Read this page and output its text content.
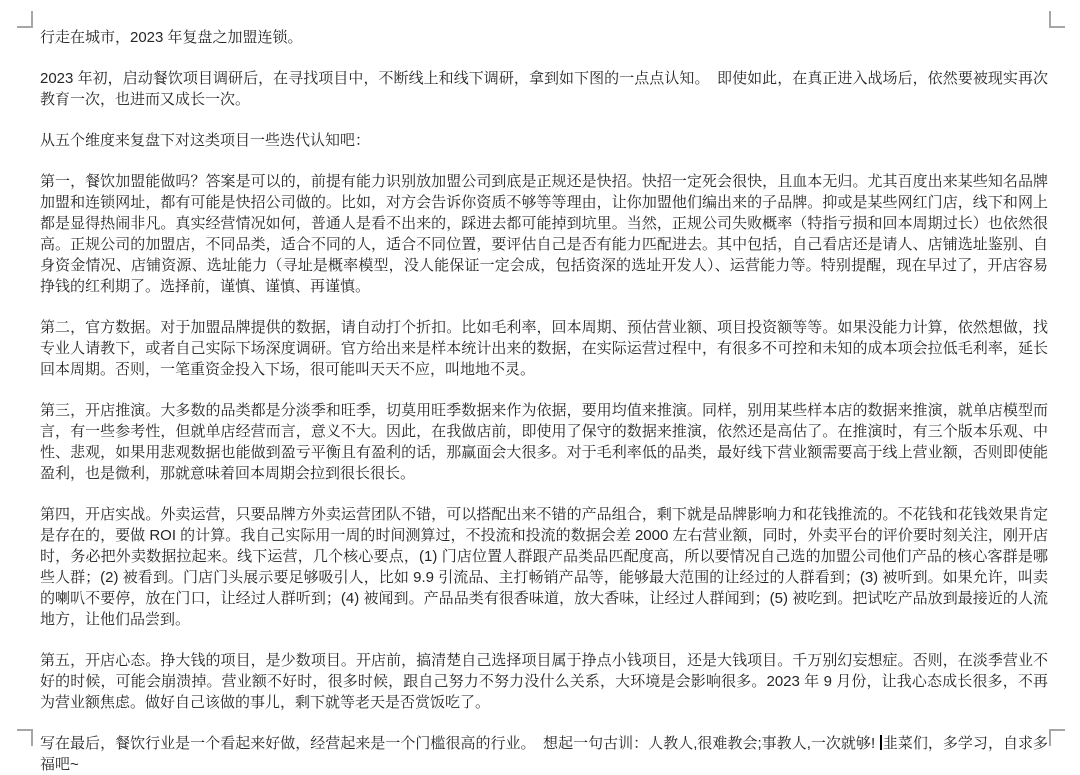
行走在城市，2023 年复盘之加盟连锁。

2023 年初，启动餐饮项目调研后，在寻找项目中，不断线上和线下调研，拿到如下图的一点点认知。　即使如此，在真正进入战场后，依然要被现实再次教育一次，也进而又成长一次。

从五个维度来复盘下对这类项目一些迭代认知吧：

第一，餐饮加盟能做吗？答案是可以的，前提有能力识别放加盟公司到底是正规还是快招。快招一定死会很快，且血本无归。尤其百度出来某些知名品牌加盟和连锁网址，都有可能是快招公司做的。比如，对方会告诉你资质不够等等理由，让你加盟他们编出来的子品牌。抑或是某些网红门店，线下和网上都是显得热闹非凡。真实经营情况如何，普通人是看不出来的，踩进去都可能掉到坑里。当然，正规公司失败概率（特指亏损和回本周期过长）也依然很高。正规公司的加盟店，不同品类，适合不同的人，适合不同位置，要评估自己是否有能力匹配进去。其中包括，自己看店还是请人、店铺选址鉴别、自身资金情况、店铺资源、选址能力（寻址是概率模型，没人能保证一定会成，包括资深的选址开发人）、运营能力等。特别提醒，现在早过了，开店容易挣钱的红利期了。选择前，谨慎、谨慎、再谨慎。

第二，官方数据。对于加盟品牌提供的数据，请自动打个折扣。比如毛利率，回本周期、预估营业额、项目投资额等等。如果没能力计算，依然想做，找专业人请教下，或者自己实际下场深度调研。官方给出来是样本统计出来的数据，在实际运营过程中，有很多不可控和未知的成本项会拉低毛利率，延长回本周期。否则，一笔重资金投入下场，很可能叫天天不应，叫地地不灵。

第三，开店推演。大多数的品类都是分淡季和旺季，切莫用旺季数据来作为依据，要用均值来推演。同样，别用某些样本店的数据来推演，就单店模型而言，有一些参考性，但就单店经营而言，意义不大。因此，在我做店前，即使用了保守的数据来推演，依然还是高估了。在推演时，有三个版本乐观、中性、悲观，如果用悲观数据也能做到盈亏平衡且有盈利的话，那赢面会大很多。对于毛利率低的品类，最好线下营业额需要高于线上营业额，否则即使能盈利，也是微利，那就意味着回本周期会拉到很长很长。

第四，开店实战。外卖运营，只要品牌方外卖运营团队不错，可以搭配出来不错的产品组合，剩下就是品牌影响力和花钱推流的。不花钱和花钱效果肯定是存在的，要做 ROI 的计算。我自己实际用一周的时间测算过，不投流和投流的数据会差 2000 左右营业额，同时，外卖平台的评价要时刻关注，刚开店时，务必把外卖数据拉起来。线下运营，几个核心要点，(1) 门店位置人群跟产品类品匹配度高，所以要情况自己选的加盟公司他们产品的核心客群是哪些人群；(2) 被看到。门店门头展示要足够吸引人，比如 9.9 引流品、主打畅销产品等，能够最大范围的让经过的人群看到；(3) 被听到。如果允许，叫卖的喇叭不要停，放在门口，让经过人群听到；(4) 被闻到。产品品类有很香味道，放大香味，让经过人群闻到；(5) 被吃到。把试吃产品放到最接近的人流地方，让他们品尝到。

第五，开店心态。挣大钱的项目，是少数项目。开店前，搞清楚自己选择项目属于挣点小钱项目，还是大钱项目。千万别幻妄想症。否则，在淡季营业不好的时候，可能会崩溃掉。营业额不好时，很多时候，跟自己努力不努力没什么关系，大环境是会影响很多。2023 年 9 月份，让我心态成长很多，不再为营业额焦虑。做好自己该做的事儿，剩下就等老天是否赏饭吃了。

写在最后，餐饮行业是一个看起来好做，经营起来是一个门槛很高的行业。　想起一句古训：人教人,很难教会;事教人,一次就够! 韭菜们，多学习，自求多福吧~
